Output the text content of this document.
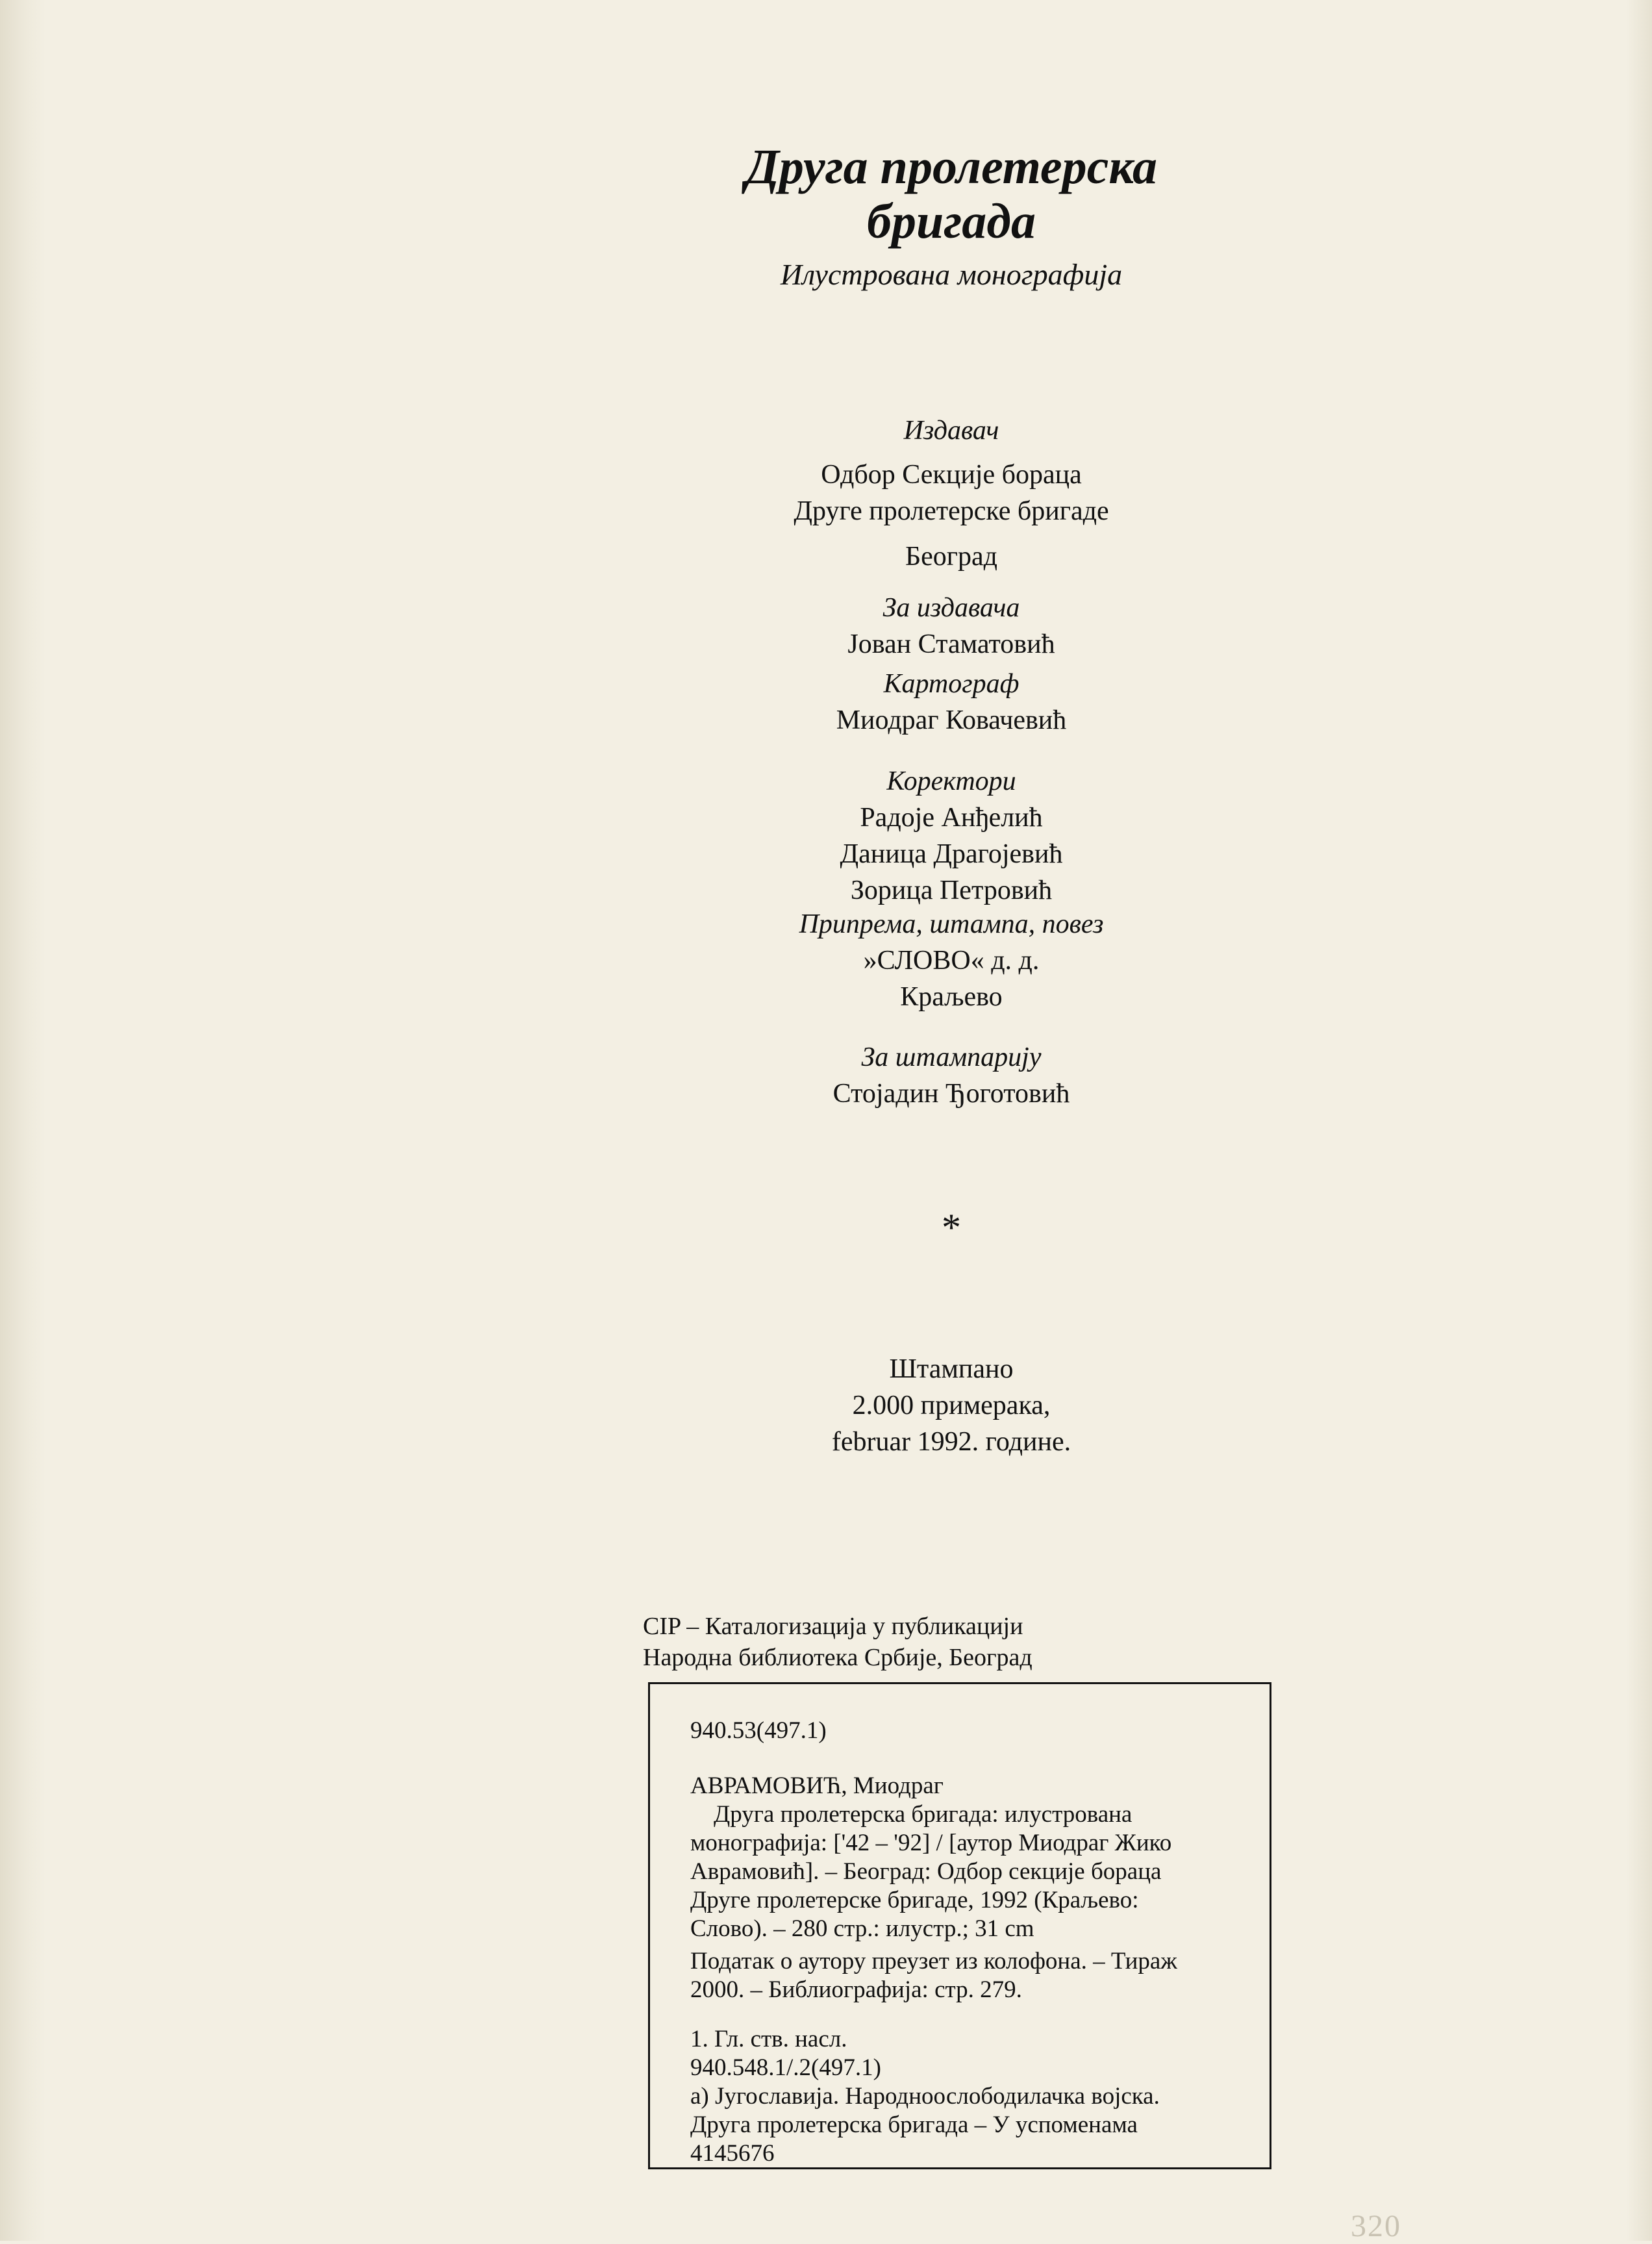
Друга пролетерска
бригада
Илустрована монографија
Издавач
Одбор Секције бораца
Друге пролетерске бригаде
Београд
За издавача
Јован Стаматовић
Картограф
Миодраг Ковачевић
Коректори
Радоје Анђелић
Даница Драгојевић
Зорица Петровић
Припрема, штампа, повез
»СЛОВО« д. д.
Краљево
За штампарију
Стојадин Ђоготовић
*
Штампано
2.000 примерака,
februar 1992. године.
CIP – Каталогизација у публикацији
Народна библиотека Србије, Београд
940.53(497.1)
АВРАМОВИЋ, Миодраг
Друга пролетерска бригада: илустрована
монографија: ['42 – '92] / [аутор Миодраг Жико
Аврамовић]. – Београд: Одбор секције бораца
Друге пролетерске бригаде, 1992 (Краљево:
Слово). – 280 стр.: илустр.; 31 cm
Податак о аутору преузет из колофона. – Тираж
2000. – Библиографија: стр. 279.
1. Гл. ств. насл.
940.548.1/.2(497.1)
а) Југославија. Народноослободилачка војска.
Друга пролетерска бригада – У успоменама
4145676
320
